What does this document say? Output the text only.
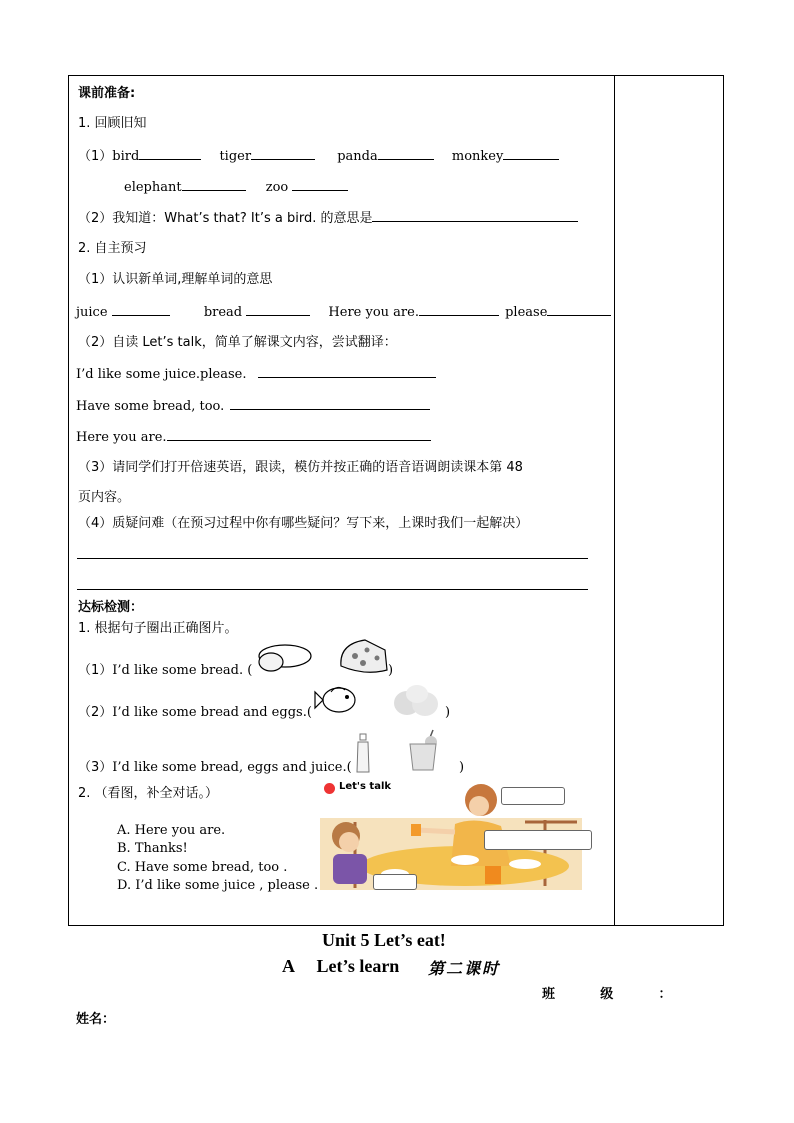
课前准备:
1. 回顾旧知
（1）bird	tiger	panda	monkey
elephant	zoo
（2）我知道：What’s that? It’s a bird. 的意思是
2. 自主预习
（1）认识新单词,理解单词的意思
juice	bread	Here you are.	please
（2）自读 Let’s talk，简单了解课文内容，尝试翻译：
I’d like some juice.please.
Have some bread, too.
Here you are.
（3）请同学们打开倍速英语，跟读，模仿并按正确的语音语调朗读课本第 48
页内容。
（4）质疑问难（在预习过程中你有哪些疑问？写下来，上课时我们一起解决）
达标检测：
1. 根据句子圈出正确图片。
（1）I’d like some bread. (	)
（2）I’d like some bread and eggs.(	)
（3）I’d like some bread, eggs and juice.(	)
2. （看图，补全对话。）
A. Here you are.
B. Thanks!
C. Have some bread, too .
D. I’d like some juice , please .
Let's talk
Unit 5 Let’s eat!
A     Let’s learn 第二课时
班          级          ：
姓名：
